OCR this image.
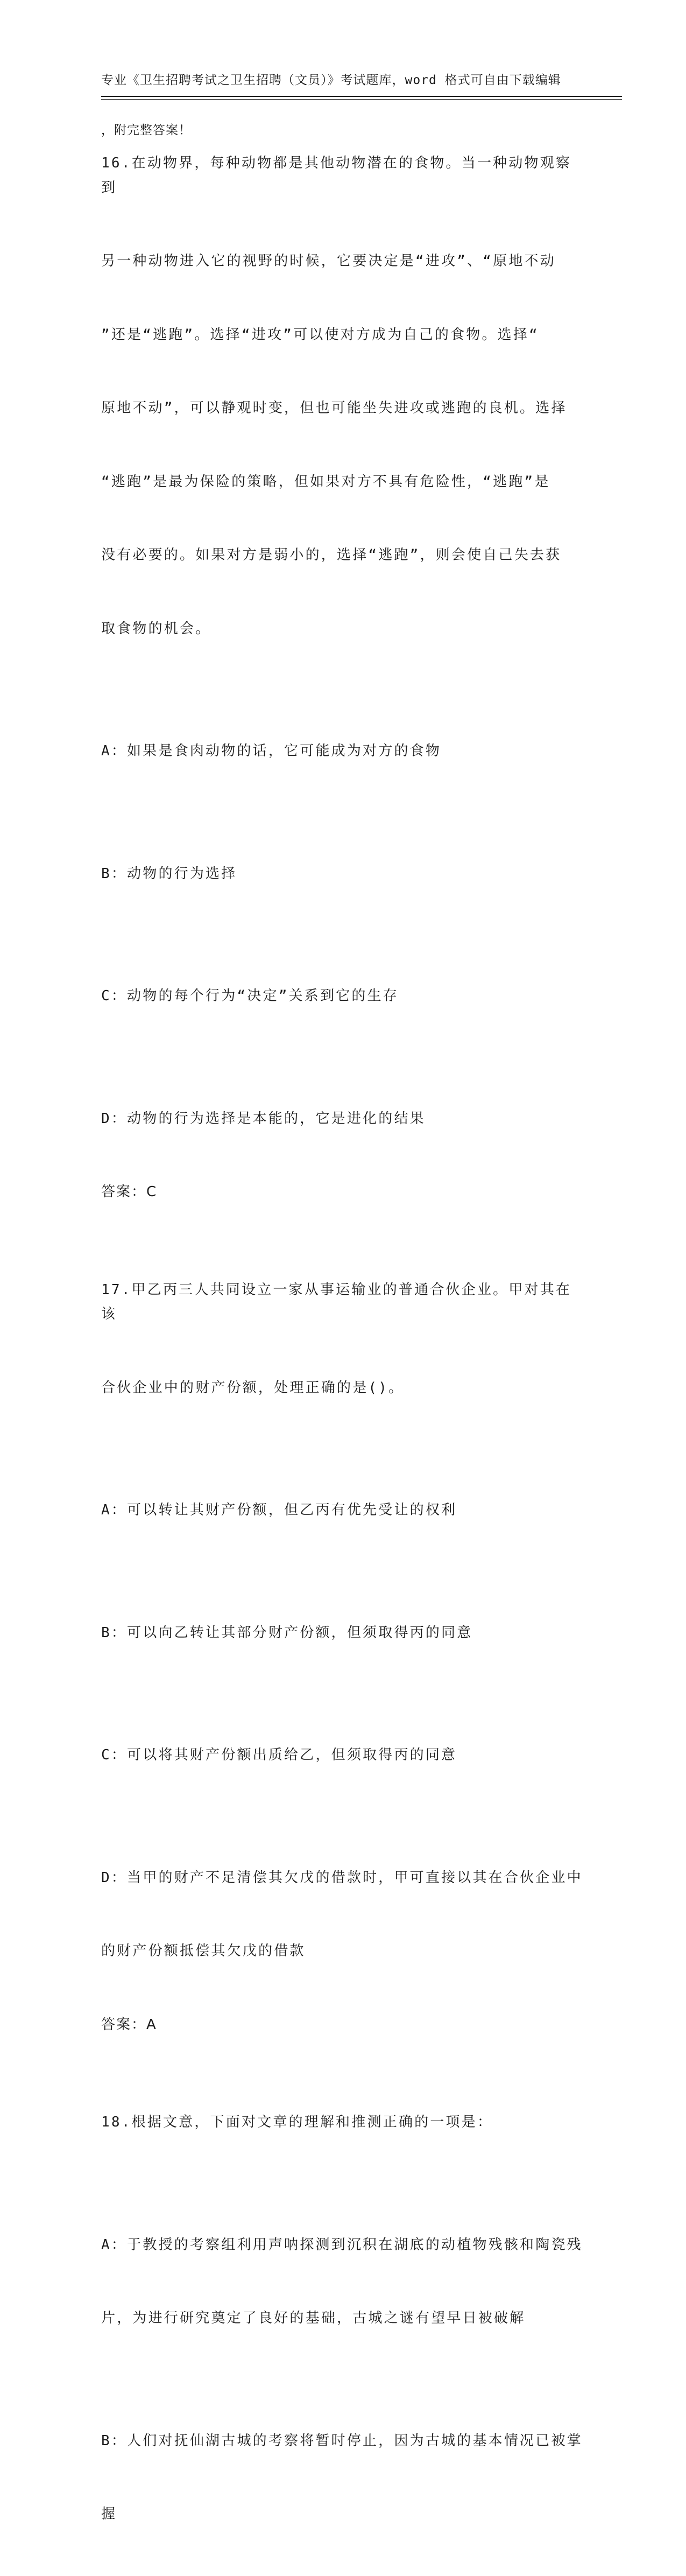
专业《卫生招聘考试之卫生招聘（文员）》考试题库，word 格式可自由下载编辑

，附完整答案！

16.在动物界，每种动物都是其他动物潜在的食物。当一种动物观察到

另一种动物进入它的视野的时候，它要决定是“进攻”、“原地不动

”还是“逃跑”。选择“进攻”可以使对方成为自己的食物。选择“

原地不动”，可以静观时变，但也可能坐失进攻或逃跑的良机。选择

“逃跑”是最为保险的策略，但如果对方不具有危险性，“逃跑”是

没有必要的。如果对方是弱小的，选择“逃跑”，则会使自己失去获

取食物的机会。

A：如果是食肉动物的话，它可能成为对方的食物

B：动物的行为选择

C：动物的每个行为“决定”关系到它的生存

D：动物的行为选择是本能的，它是进化的结果

答案：C

17.甲乙丙三人共同设立一家从事运输业的普通合伙企业。甲对其在该

合伙企业中的财产份额，处理正确的是()。

A：可以转让其财产份额，但乙丙有优先受让的权利

B：可以向乙转让其部分财产份额，但须取得丙的同意

C：可以将其财产份额出质给乙，但须取得丙的同意

D：当甲的财产不足清偿其欠戊的借款时，甲可直接以其在合伙企业中

的财产份额抵偿其欠戊的借款

答案：A

18.根据文意，下面对文章的理解和推测正确的一项是：

A：于教授的考察组利用声呐探测到沉积在湖底的动植物残骸和陶瓷残

片，为进行研究奠定了良好的基础，古城之谜有望早日被破解

B：人们对抚仙湖古城的考察将暂时停止，因为古城的基本情况已被掌

握
